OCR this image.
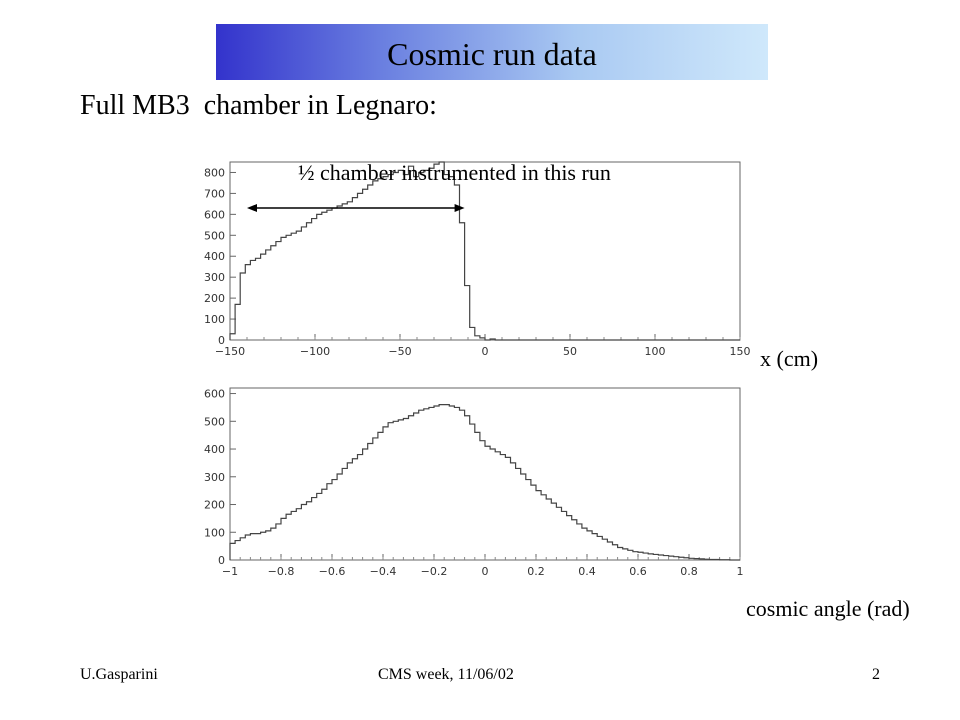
Cosmic run data
Full MB3  chamber in Legnaro:
−150	−100	−50	0	50	100	150
0
100
200
300
400
500
600
700
800
−1	−0.8 −0.6 −0.4 −0.2	0	0.2	0.4	0.6	0.8	1
0
100
200
300
400
500
600
½ chamber instrumented in this run
x (cm)
cosmic angle (rad)
U.Gasparini	CMS week, 11/06/02	2
